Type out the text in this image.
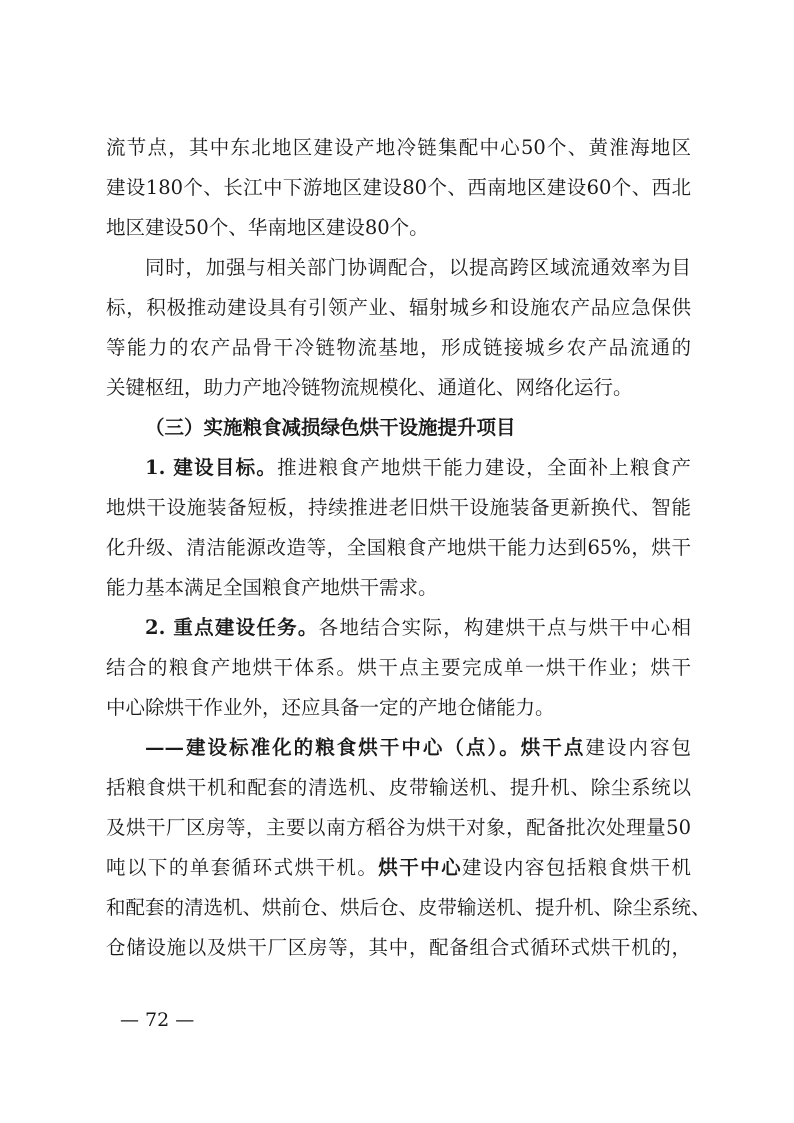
流节点，其中东北地区建设产地冷链集配中心50个、黄淮海地区
建设180个、长江中下游地区建设80个、西南地区建设60个、西北
地区建设50个、华南地区建设80个。
同时，加强与相关部门协调配合，以提高跨区域流通效率为目
标，积极推动建设具有引领产业、辐射城乡和设施农产品应急保供
等能力的农产品骨干冷链物流基地，形成链接城乡农产品流通的
关键枢纽，助力产地冷链物流规模化、通道化、网络化运行。
（三）实施粮食减损绿色烘干设施提升项目
1. 建设目标。推进粮食产地烘干能力建设，全面补上粮食产
地烘干设施装备短板，持续推进老旧烘干设施装备更新换代、智能
化升级、清洁能源改造等，全国粮食产地烘干能力达到65%，烘干
能力基本满足全国粮食产地烘干需求。
2. 重点建设任务。各地结合实际，构建烘干点与烘干中心相
结合的粮食产地烘干体系。烘干点主要完成单一烘干作业；烘干
中心除烘干作业外，还应具备一定的产地仓储能力。
——建设标准化的粮食烘干中心（点）。烘干点建设内容包
括粮食烘干机和配套的清选机、皮带输送机、提升机、除尘系统以
及烘干厂区房等，主要以南方稻谷为烘干对象，配备批次处理量50
吨以下的单套循环式烘干机。烘干中心建设内容包括粮食烘干机
和配套的清选机、烘前仓、烘后仓、皮带输送机、提升机、除尘系统、
仓储设施以及烘干厂区房等，其中，配备组合式循环式烘干机的，
— 72 —
